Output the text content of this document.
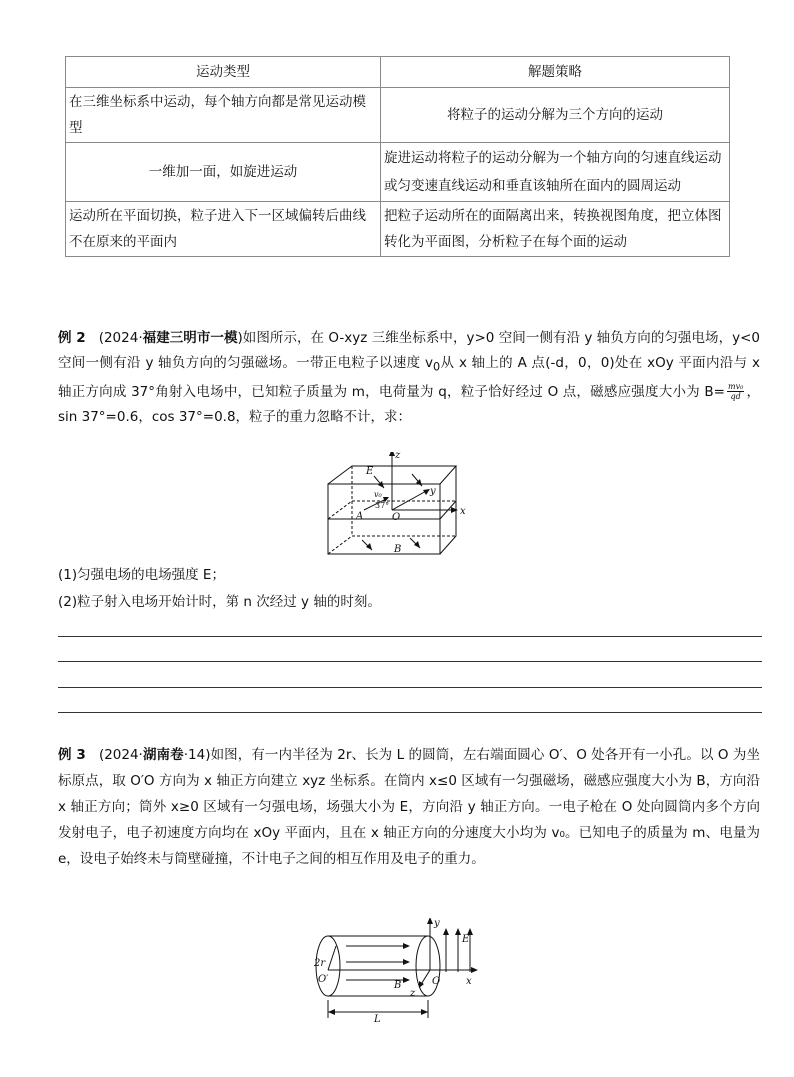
运动类型	解题策略
在三维坐标系中运动，每个轴方向都是常见运动模型	将粒子的运动分解为三个方向的运动
一维加一面，如旋进运动	旋进运动将粒子的运动分解为一个轴方向的匀速直线运动或匀变速直线运动和垂直该轴所在面内的圆周运动
运动所在平面切换，粒子进入下一区域偏转后曲线不在原来的平面内	把粒子运动所在的面隔离出来，转换视图角度，把立体图转化为平面图，分析粒子在每个面的运动
例 2 (2024·福建三明市一模)如图所示，在 O-xyz 三维坐标系中，y>0 空间一侧有沿 y 轴负方向的匀强电场，y<0 空间一侧有沿 y 轴负方向的匀强磁场。一带正电粒子以速度 $v_0$从 x 轴上的 A 点(-d，0，0)处在 xOy 平面内沿与 x 轴正方向成 37°角射入电场中，已知粒子质量为 m，电荷量为 q，粒子恰好经过 O 点，磁感应强度大小为 $B= \frac{\text{mv₀}}{qd}$ ，sin 37°=0.6，cos 37°=0.8，粒子的重力忽略不计，求：
z
y
x
E
v₀
37°
A	O
B
(1)匀强电场的电场强度 E；
(2)粒子射入电场开始计时，第 n 次经过 y 轴的时刻。
例 3 (2024·湖南卷·14)如图，有一内半径为 2r、长为 L 的圆筒，左右端面圆心 O′、O 处各开有一小孔。以 O 为坐标原点，取 O′O 方向为 x 轴正方向建立 xyz 坐标系。在筒内 x≤0 区域有一匀强磁场，磁感应强度大小为 B，方向沿 x 轴正方向；筒外 x≥0 区域有一匀强电场，场强大小为 E，方向沿 y 轴正方向。一电子枪在 O 处向圆筒内多个方向发射电子，电子初速度方向均在 xOy 平面内，且在 x 轴正方向的分速度大小均为 v₀。已知电子的质量为 m、电量为 e，设电子始终未与筒壁碰撞，不计电子之间的相互作用及电子的重力。
y
E
x
z
2r
O′	O
B
L
